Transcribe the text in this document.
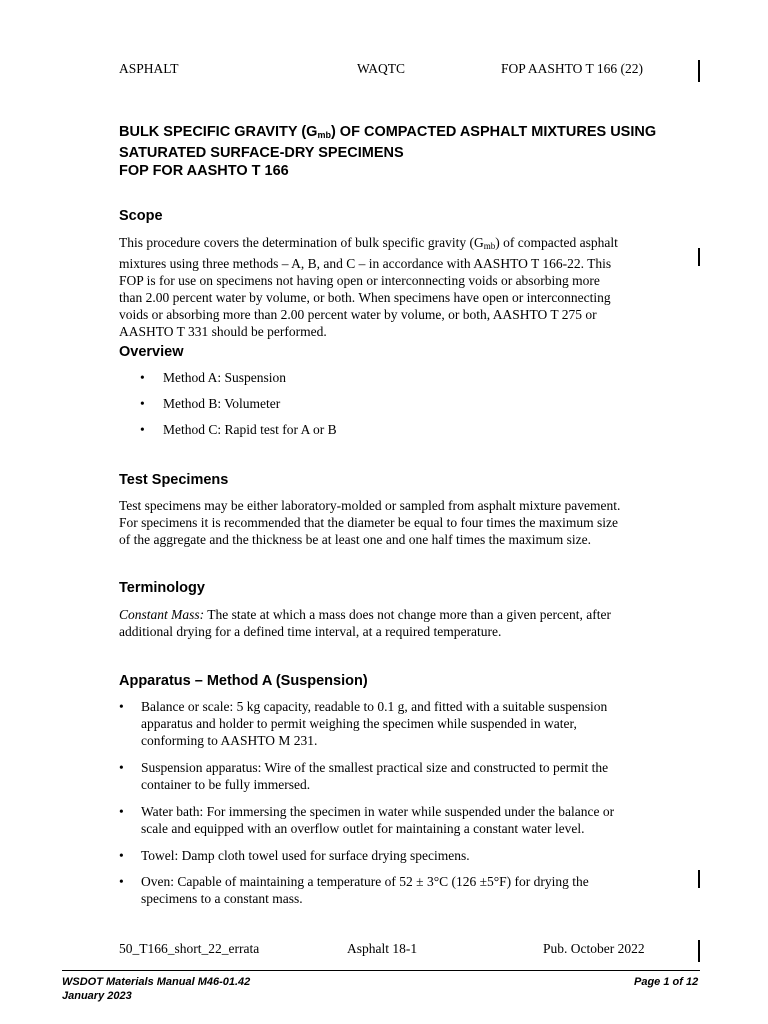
ASPHALT	WAQTC	FOP AASHTO T 166 (22)
BULK SPECIFIC GRAVITY $(G_{mb})$ OF COMPACTED ASPHALT MIXTURES USING
SATURATED SURFACE-DRY SPECIMENS
FOP FOR AASHTO T 166
Scope
This procedure covers the determination of bulk specific gravity $(G_{mb})$ of compacted asphalt
mixtures using three methods – A, B, and C – in accordance with AASHTO T 166-22. This
FOP is for use on specimens not having open or interconnecting voids or absorbing more
than 2.00 percent water by volume, or both. When specimens have open or interconnecting
voids or absorbing more than 2.00 percent water by volume, or both, AASHTO T 275 or
AASHTO T 331 should be performed.
Overview
• Method A: Suspension
• Method B: Volumeter
• Method C: Rapid test for A or B
Test Specimens
Test specimens may be either laboratory-molded or sampled from asphalt mixture pavement.
For specimens it is recommended that the diameter be equal to four times the maximum size
of the aggregate and the thickness be at least one and one half times the maximum size.
Terminology
Constant Mass: The state at which a mass does not change more than a given percent, after
additional drying for a defined time interval, at a required temperature.
Apparatus – Method A (Suspension)
• Balance or scale: 5 kg capacity, readable to 0.1 g, and fitted with a suitable suspension
apparatus and holder to permit weighing the specimen while suspended in water,
conforming to AASHTO M 231.
• Suspension apparatus: Wire of the smallest practical size and constructed to permit the
container to be fully immersed.
• Water bath: For immersing the specimen in water while suspended under the balance or
scale and equipped with an overflow outlet for maintaining a constant water level.
• Towel: Damp cloth towel used for surface drying specimens.
• Oven: Capable of maintaining a temperature of 52 ± 3°C (126 ±5°F) for drying the
specimens to a constant mass.
50_T166_short_22_errata	Asphalt 18-1	Pub. October 2022
WSDOT Materials Manual M46-01.42
January 2023
Page 1 of 12
